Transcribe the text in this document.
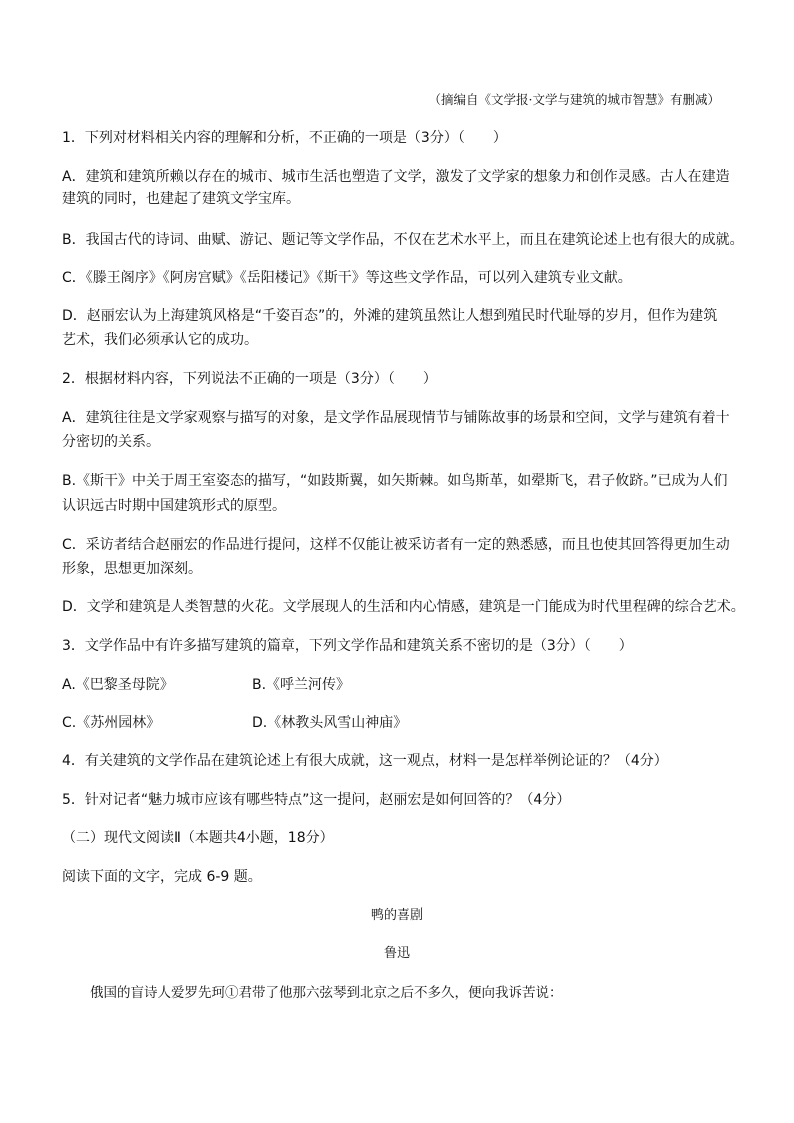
（摘编自《文学报·文学与建筑的城市智慧》有删减）
1．下列对材料相关内容的理解和分析，不正确的一项是（3分）（　　）
A．建筑和建筑所赖以存在的城市、城市生活也塑造了文学，激发了文学家的想象力和创作灵感。古人在建造
建筑的同时，也建起了建筑文学宝库。
B．我国古代的诗词、曲赋、游记、题记等文学作品，不仅在艺术水平上，而且在建筑论述上也有很大的成就。
C．《滕王阁序》《阿房宫赋》《岳阳楼记》《斯干》等这些文学作品，可以列入建筑专业文献。
D．赵丽宏认为上海建筑风格是“千姿百态”的，外滩的建筑虽然让人想到殖民时代耻辱的岁月，但作为建筑
艺术，我们必须承认它的成功。
2．根据材料内容，下列说法不正确的一项是（3分）（　　）
A．建筑往往是文学家观察与描写的对象，是文学作品展现情节与铺陈故事的场景和空间，文学与建筑有着十
分密切的关系。
B.《斯干》中关于周王室姿态的描写，“如跂斯翼，如矢斯棘。如鸟斯革，如翚斯飞，君子攸跻。”已成为人们
认识远古时期中国建筑形式的原型。
C．采访者结合赵丽宏的作品进行提问，这样不仅能让被采访者有一定的熟悉感，而且也使其回答得更加生动
形象，思想更加深刻。
D．文学和建筑是人类智慧的火花。文学展现人的生活和内心情感，建筑是一门能成为时代里程碑的综合艺术。
3．文学作品中有许多描写建筑的篇章，下列文学作品和建筑关系不密切的是（3分）（　　）
A.《巴黎圣母院》	B.《呼兰河传》
C.《苏州园林》	D.《林教头风雪山神庙》
4．有关建筑的文学作品在建筑论述上有很大成就，这一观点，材料一是怎样举例论证的？（4分）
5．针对记者“魅力城市应该有哪些特点”这一提问，赵丽宏是如何回答的？（4分）
（二）现代文阅读Ⅱ（本题共4小题，18分）
阅读下面的文字，完成 6-9 题。
鸭的喜剧
鲁迅
俄国的盲诗人爱罗先珂①君带了他那六弦琴到北京之后不多久，便向我诉苦说：
